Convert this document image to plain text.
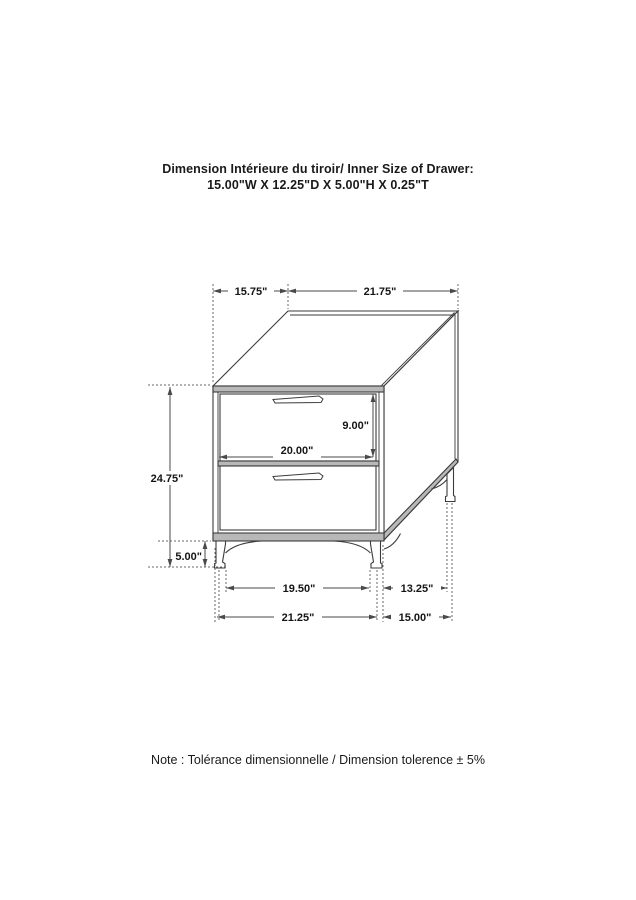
Dimension Intérieure du tiroir/ Inner Size of Drawer:
15.00"W X 12.25"D X 5.00"H X 0.25"T
15.75"	21.75"
24.75"
5.00"
9.00"
20.00"
19.50"	13.25"
21.25"	15.00"
Note : Tolérance dimensionnelle / Dimension tolerence ± 5%
